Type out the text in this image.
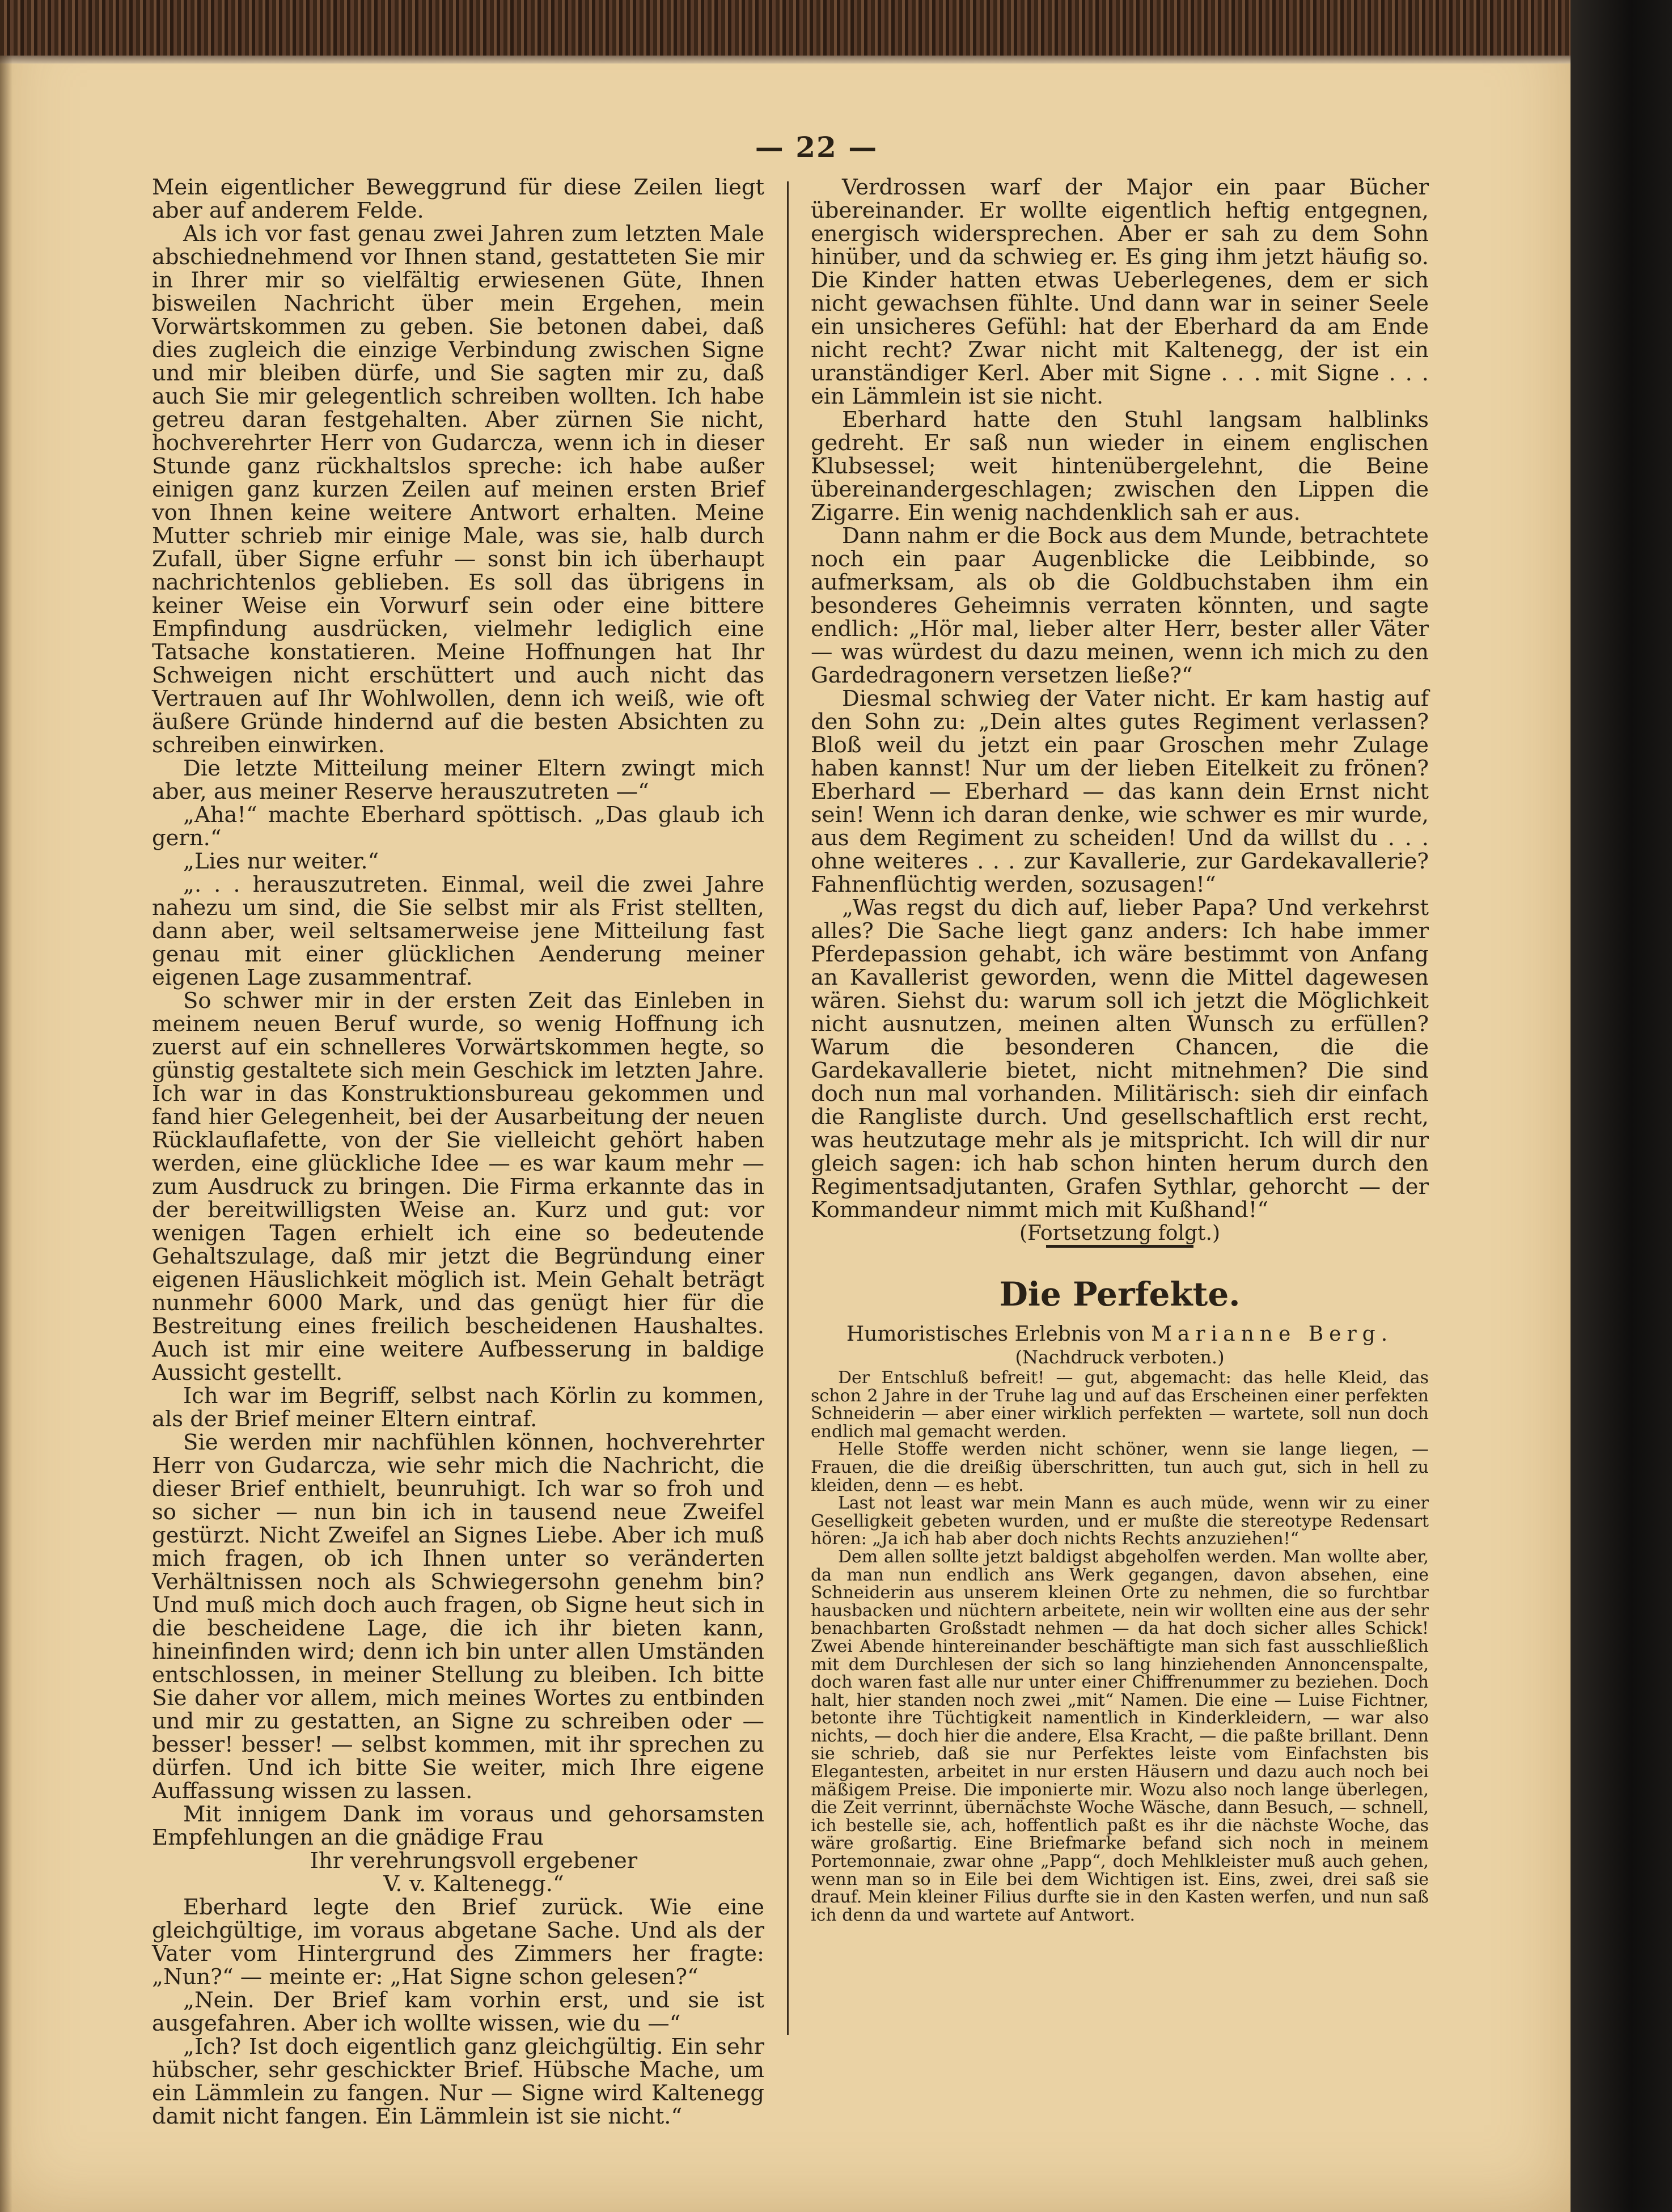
— 22 —

Mein eigentlicher Beweggrund für diese Zeilen liegt aber auf anderem Felde.

Als ich vor fast genau zwei Jahren zum letzten Male abschiednehmend vor Ihnen stand, gestatteten Sie mir in Ihrer mir so vielfältig erwiesenen Güte, Ihnen bisweilen Nachricht über mein Ergehen, mein Vorwärtskommen zu geben. Sie betonen dabei, daß dies zugleich die einzige Verbindung zwischen Signe und mir bleiben dürfe, und Sie sagten mir zu, daß auch Sie mir gelegentlich schreiben wollten. Ich habe getreu daran festgehalten. Aber zürnen Sie nicht, hochverehrter Herr von Gudarcza, wenn ich in dieser Stunde ganz rückhaltslos spreche: ich habe außer einigen ganz kurzen Zeilen auf meinen ersten Brief von Ihnen keine weitere Antwort erhalten. Meine Mutter schrieb mir einige Male, was sie, halb durch Zufall, über Signe erfuhr — sonst bin ich überhaupt nachrichtenlos geblieben. Es soll das übrigens in keiner Weise ein Vorwurf sein oder eine bittere Empfindung ausdrücken, vielmehr lediglich eine Tatsache konstatieren. Meine Hoffnungen hat Ihr Schweigen nicht erschüttert und auch nicht das Vertrauen auf Ihr Wohlwollen, denn ich weiß, wie oft äußere Gründe hindernd auf die besten Absichten zu schreiben einwirken.

Die letzte Mitteilung meiner Eltern zwingt mich aber, aus meiner Reserve herauszutreten —“

„Aha!“ machte Eberhard spöttisch. „Das glaub ich gern.“

„Lies nur weiter.“

„. . . herauszutreten. Einmal, weil die zwei Jahre nahezu um sind, die Sie selbst mir als Frist stellten, dann aber, weil seltsamerweise jene Mitteilung fast genau mit einer glücklichen Aenderung meiner eigenen Lage zusammentraf.

So schwer mir in der ersten Zeit das Einleben in meinem neuen Beruf wurde, so wenig Hoffnung ich zuerst auf ein schnelleres Vorwärtskommen hegte, so günstig gestaltete sich mein Geschick im letzten Jahre. Ich war in das Konstruktionsbureau gekommen und fand hier Gelegenheit, bei der Ausarbeitung der neuen Rücklauflafette, von der Sie vielleicht gehört haben werden, eine glückliche Idee — es war kaum mehr — zum Ausdruck zu bringen. Die Firma erkannte das in der bereitwilligsten Weise an. Kurz und gut: vor wenigen Tagen erhielt ich eine so bedeutende Gehaltszulage, daß mir jetzt die Begründung einer eigenen Häuslichkeit möglich ist. Mein Gehalt beträgt nunmehr 6000 Mark, und das genügt hier für die Bestreitung eines freilich bescheidenen Haushaltes. Auch ist mir eine weitere Aufbesserung in baldige Aussicht gestellt.

Ich war im Begriff, selbst nach Körlin zu kommen, als der Brief meiner Eltern eintraf.

Sie werden mir nachfühlen können, hochverehrter Herr von Gudarcza, wie sehr mich die Nachricht, die dieser Brief enthielt, beunruhigt. Ich war so froh und so sicher — nun bin ich in tausend neue Zweifel gestürzt. Nicht Zweifel an Signes Liebe. Aber ich muß mich fragen, ob ich Ihnen unter so veränderten Verhältnissen noch als Schwiegersohn genehm bin? Und muß mich doch auch fragen, ob Signe heut sich in die bescheidene Lage, die ich ihr bieten kann, hineinfinden wird; denn ich bin unter allen Umständen entschlossen, in meiner Stellung zu bleiben. Ich bitte Sie daher vor allem, mich meines Wortes zu entbinden und mir zu gestatten, an Signe zu schreiben oder — besser! besser! — selbst kommen, mit ihr sprechen zu dürfen. Und ich bitte Sie weiter, mich Ihre eigene Auffassung wissen zu lassen.

Mit innigem Dank im voraus und gehorsamsten Empfehlungen an die gnädige Frau

Ihr verehrungsvoll ergebener

V. v. Kaltenegg.“

Eberhard legte den Brief zurück. Wie eine gleichgültige, im voraus abgetane Sache. Und als der Vater vom Hintergrund des Zimmers her fragte: „Nun?“ — meinte er: „Hat Signe schon gelesen?“

„Nein. Der Brief kam vorhin erst, und sie ist ausgefahren. Aber ich wollte wissen, wie du —“

„Ich? Ist doch eigentlich ganz gleichgültig. Ein sehr hübscher, sehr geschickter Brief. Hübsche Mache, um ein Lämmlein zu fangen. Nur — Signe wird Kaltenegg damit nicht fangen. Ein Lämmlein ist sie nicht.“

Verdrossen warf der Major ein paar Bücher übereinander. Er wollte eigentlich heftig entgegnen, energisch widersprechen. Aber er sah zu dem Sohn hinüber, und da schwieg er. Es ging ihm jetzt häufig so. Die Kinder hatten etwas Ueberlegenes, dem er sich nicht gewachsen fühlte. Und dann war in seiner Seele ein unsicheres Gefühl: hat der Eberhard da am Ende nicht recht? Zwar nicht mit Kaltenegg, der ist ein uranständiger Kerl. Aber mit Signe . . . mit Signe . . . ein Lämmlein ist sie nicht.

Eberhard hatte den Stuhl langsam halblinks gedreht. Er saß nun wieder in einem englischen Klubsessel; weit hintenübergelehnt, die Beine übereinandergeschlagen; zwischen den Lippen die Zigarre. Ein wenig nachdenklich sah er aus.

Dann nahm er die Bock aus dem Munde, betrachtete noch ein paar Augenblicke die Leibbinde, so aufmerksam, als ob die Goldbuchstaben ihm ein besonderes Geheimnis verraten könnten, und sagte endlich: „Hör mal, lieber alter Herr, bester aller Väter — was würdest du dazu meinen, wenn ich mich zu den Gardedragonern versetzen ließe?“

Diesmal schwieg der Vater nicht. Er kam hastig auf den Sohn zu: „Dein altes gutes Regiment verlassen? Bloß weil du jetzt ein paar Groschen mehr Zulage haben kannst! Nur um der lieben Eitelkeit zu frönen? Eberhard — Eberhard — das kann dein Ernst nicht sein! Wenn ich daran denke, wie schwer es mir wurde, aus dem Regiment zu scheiden! Und da willst du . . . ohne weiteres . . . zur Kavallerie, zur Gardekavallerie? Fahnenflüchtig werden, sozusagen!“

„Was regst du dich auf, lieber Papa? Und verkehrst alles? Die Sache liegt ganz anders: Ich habe immer Pferdepassion gehabt, ich wäre bestimmt von Anfang an Kavallerist geworden, wenn die Mittel dagewesen wären. Siehst du: warum soll ich jetzt die Möglichkeit nicht ausnutzen, meinen alten Wunsch zu erfüllen? Warum die besonderen Chancen, die die Gardekavallerie bietet, nicht mitnehmen? Die sind doch nun mal vorhanden. Militärisch: sieh dir einfach die Rangliste durch. Und gesellschaftlich erst recht, was heutzutage mehr als je mitspricht. Ich will dir nur gleich sagen: ich hab schon hinten herum durch den Regimentsadjutanten, Grafen Sythlar, gehorcht — der Kommandeur nimmt mich mit Kußhand!“

(Fortsetzung folgt.)

Die Perfekte.

Humoristisches Erlebnis von Marianne Berg.

(Nachdruck verboten.)

Der Entschluß befreit! — gut, abgemacht: das helle Kleid, das schon 2 Jahre in der Truhe lag und auf das Erscheinen einer perfekten Schneiderin — aber einer wirklich perfekten — wartete, soll nun doch endlich mal gemacht werden.

Helle Stoffe werden nicht schöner, wenn sie lange liegen, — Frauen, die die dreißig überschritten, tun auch gut, sich in hell zu kleiden, denn — es hebt.

Last not least war mein Mann es auch müde, wenn wir zu einer Geselligkeit gebeten wurden, und er mußte die stereotype Redensart hören: „Ja ich hab aber doch nichts Rechts anzuziehen!“

Dem allen sollte jetzt baldigst abgeholfen werden. Man wollte aber, da man nun endlich ans Werk gegangen, davon absehen, eine Schneiderin aus unserem kleinen Orte zu nehmen, die so furchtbar hausbacken und nüchtern arbeitete, nein wir wollten eine aus der sehr benachbarten Großstadt nehmen — da hat doch sicher alles Schick! Zwei Abende hintereinander beschäftigte man sich fast ausschließlich mit dem Durchlesen der sich so lang hinziehenden Annoncenspalte, doch waren fast alle nur unter einer Chiffrenummer zu beziehen. Doch halt, hier standen noch zwei „mit“ Namen. Die eine — Luise Fichtner, betonte ihre Tüchtigkeit namentlich in Kinderkleidern, — war also nichts, — doch hier die andere, Elsa Kracht, — die paßte brillant. Denn sie schrieb, daß sie nur Perfektes leiste vom Einfachsten bis Elegantesten, arbeitet in nur ersten Häusern und dazu auch noch bei mäßigem Preise. Die imponierte mir. Wozu also noch lange überlegen, die Zeit verrinnt, übernächste Woche Wäsche, dann Besuch, — schnell, ich bestelle sie, ach, hoffentlich paßt es ihr die nächste Woche, das wäre großartig. Eine Briefmarke befand sich noch in meinem Portemonnaie, zwar ohne „Papp“, doch Mehlkleister muß auch gehen, wenn man so in Eile bei dem Wichtigen ist. Eins, zwei, drei saß sie drauf. Mein kleiner Filius durfte sie in den Kasten werfen, und nun saß ich denn da und wartete auf Antwort.
